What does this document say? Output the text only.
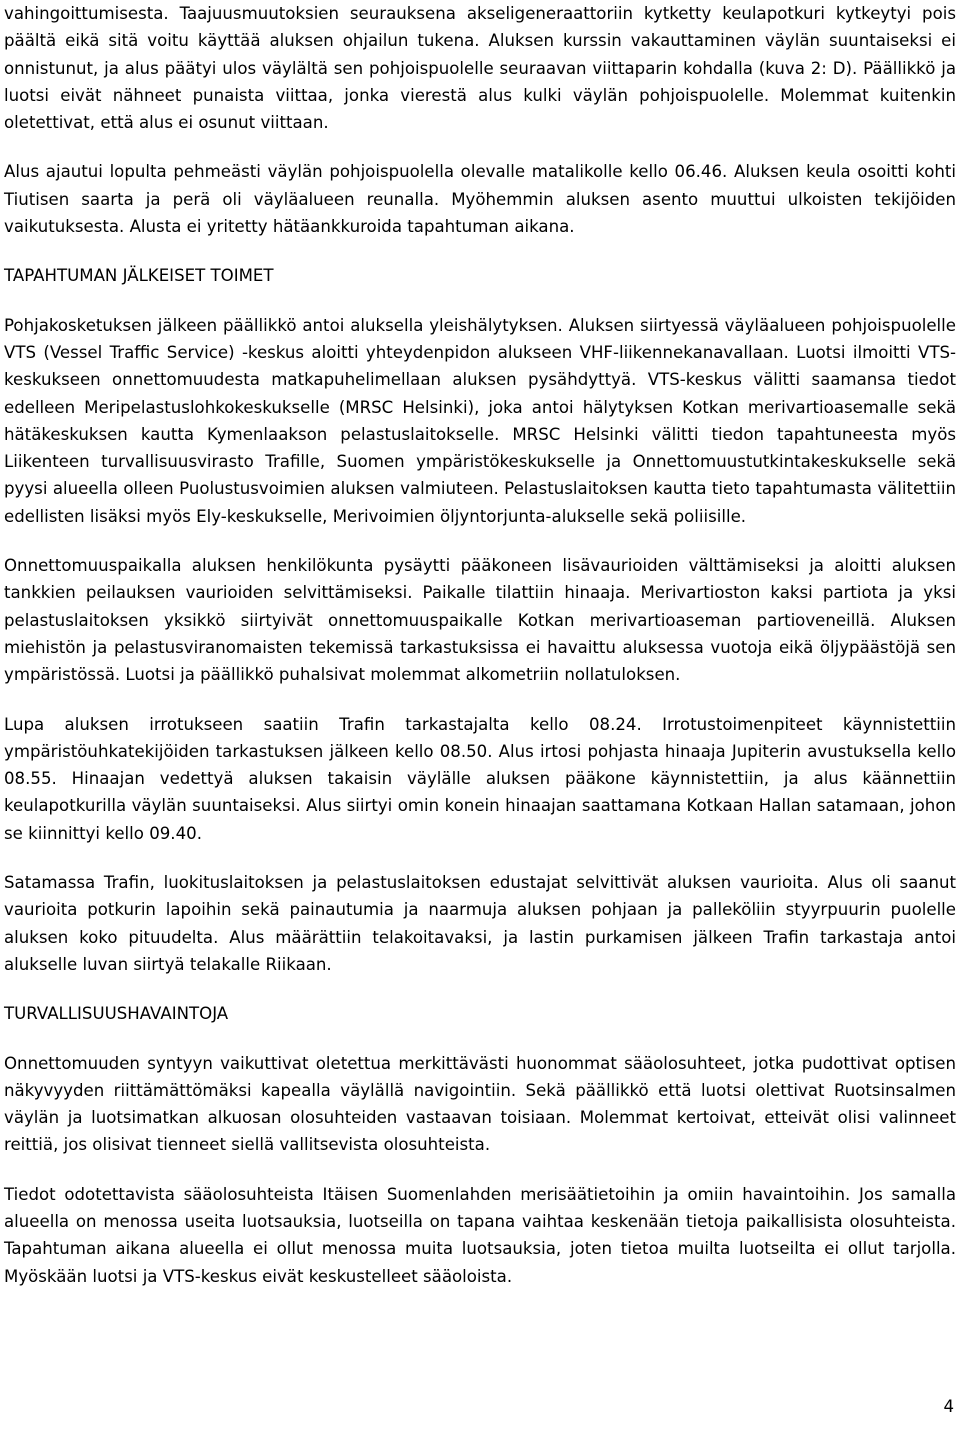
vahingoittumisesta. Taajuusmuutoksien seurauksena akseligeneraattoriin kytketty keulapotkuri kytkeytyi pois päältä eikä sitä voitu käyttää aluksen ohjailun tukena. Aluksen kurssin vakauttaminen väylän suuntaiseksi ei onnistunut, ja alus päätyi ulos väylältä sen pohjoispuolelle seuraavan viittaparin kohdalla (kuva 2: D). Päällikkö ja luotsi eivät nähneet punaista viittaa, jonka vierestä alus kulki väylän pohjoispuolelle. Molemmat kuitenkin oletettivat, että alus ei osunut viittaan.

Alus ajautui lopulta pehmeästi väylän pohjoispuolella olevalle matalikolle kello 06.46. Aluksen keula osoitti kohti Tiutisen saarta ja perä oli väyläalueen reunalla. Myöhemmin aluksen asento muuttui ulkoisten tekijöiden vaikutuksesta. Alusta ei yritetty hätäankkuroida tapahtuman aikana.

TAPAHTUMAN JÄLKEISET TOIMET

Pohjakosketuksen jälkeen päällikkö antoi aluksella yleishälytyksen. Aluksen siirtyessä väyläalueen pohjoispuolelle VTS (Vessel Traffic Service) -keskus aloitti yhteydenpidon alukseen VHF-liikennekanavallaan. Luotsi ilmoitti VTS-keskukseen onnettomuudesta matkapuhelimellaan aluksen pysähdyttyä. VTS-keskus välitti saamansa tiedot edelleen Meripelastuslohkokeskukselle (MRSC Helsinki), joka antoi hälytyksen Kotkan merivartioasemalle sekä hätäkeskuksen kautta Kymenlaakson pelastuslaitokselle. MRSC Helsinki välitti tiedon tapahtuneesta myös Liikenteen turvallisuusvirasto Trafille, Suomen ympäristökeskukselle ja Onnettomuustutkintakeskukselle sekä pyysi alueella olleen Puolustusvoimien aluksen valmiuteen. Pelastuslaitoksen kautta tieto tapahtumasta välitettiin edellisten lisäksi myös Ely-keskukselle, Merivoimien öljyntorjunta-alukselle sekä poliisille.

Onnettomuuspaikalla aluksen henkilökunta pysäytti pääkoneen lisävaurioiden välttämiseksi ja aloitti aluksen tankkien peilauksen vaurioiden selvittämiseksi. Paikalle tilattiin hinaaja. Merivartioston kaksi partiota ja yksi pelastuslaitoksen yksikkö siirtyivät onnettomuuspaikalle Kotkan merivartioaseman partioveneillä. Aluksen miehistön ja pelastusviranomaisten tekemissä tarkastuksissa ei havaittu aluksessa vuotoja eikä öljypäästöjä sen ympäristössä. Luotsi ja päällikkö puhalsivat molemmat alkometriin nollatuloksen.

Lupa aluksen irrotukseen saatiin Trafin tarkastajalta kello 08.24. Irrotustoimenpiteet käynnistettiin ympäristöuhkatekijöiden tarkastuksen jälkeen kello 08.50. Alus irtosi pohjasta hinaaja Jupiterin avustuksella kello 08.55. Hinaajan vedettyä aluksen takaisin väylälle aluksen pääkone käynnistettiin, ja alus käännettiin keulapotkurilla väylän suuntaiseksi. Alus siirtyi omin konein hinaajan saattamana Kotkaan Hallan satamaan, johon se kiinnittyi kello 09.40.

Satamassa Trafin, luokituslaitoksen ja pelastuslaitoksen edustajat selvittivät aluksen vaurioita. Alus oli saanut vaurioita potkurin lapoihin sekä painautumia ja naarmuja aluksen pohjaan ja palleköliin styyrpuurin puolelle aluksen koko pituudelta. Alus määrättiin telakoitavaksi, ja lastin purkamisen jälkeen Trafin tarkastaja antoi alukselle luvan siirtyä telakalle Riikaan.

TURVALLISUUSHAVAINTOJA

Onnettomuuden syntyyn vaikuttivat oletettua merkittävästi huonommat sääolosuhteet, jotka pudottivat optisen näkyvyyden riittämättömäksi kapealla väylällä navigointiin. Sekä päällikkö että luotsi olettivat Ruotsinsalmen väylän ja luotsimatkan alkuosan olosuhteiden vastaavan toisiaan. Molemmat kertoivat, etteivät olisi valinneet reittiä, jos olisivat tienneet siellä vallitsevista olosuhteista.

Tiedot odotettavista sääolosuhteista Itäisen Suomenlahden merisäätietoihin ja omiin havaintoihin. Jos samalla alueella on menossa useita luotsauksia, luotseilla on tapana vaihtaa keskenään tietoja paikallisista olosuhteista. Tapahtuman aikana alueella ei ollut menossa muita luotsauksia, joten tietoa muilta luotseilta ei ollut tarjolla. Myöskään luotsi ja VTS-keskus eivät keskustelleet sääoloista.

4
